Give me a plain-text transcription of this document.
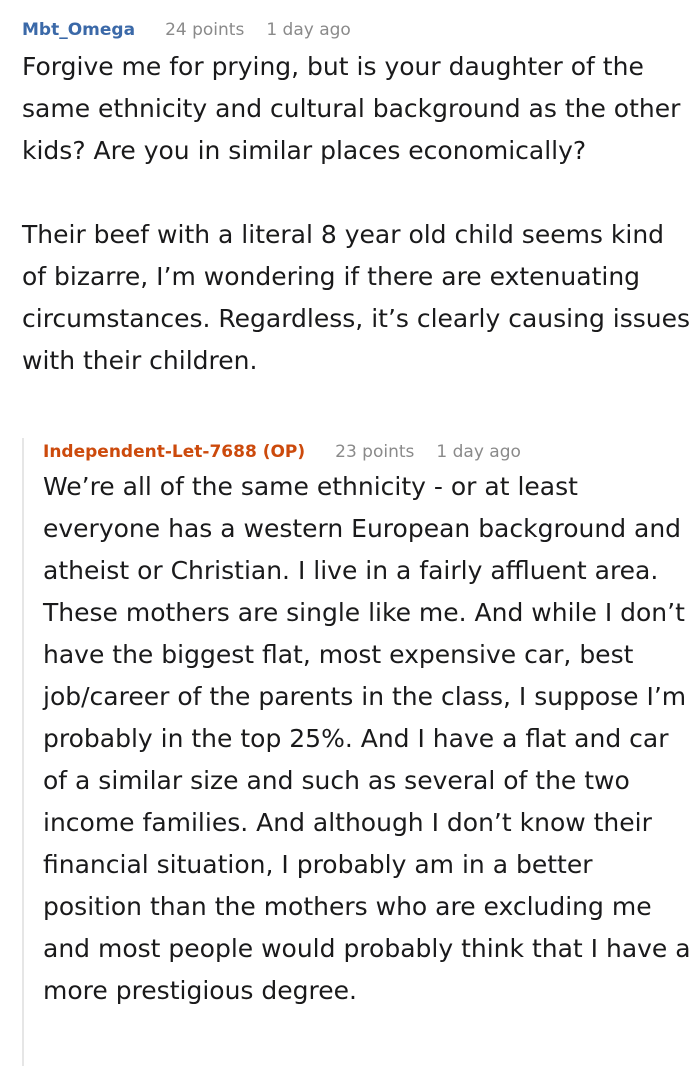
Mbt_Omega 24 points 1 day ago

Forgive me for prying, but is your daughter of the same ethnicity and cultural background as the other kids? Are you in similar places economically?

Their beef with a literal 8 year old child seems kind of bizarre, I’m wondering if there are extenuating circumstances. Regardless, it’s clearly causing issues with their children.

Independent-Let-7688 (OP) 23 points 1 day ago

We’re all of the same ethnicity - or at least everyone has a western European background and atheist or Christian. I live in a fairly affluent area. These mothers are single like me. And while I don’t have the biggest flat, most expensive car, best job/career of the parents in the class, I suppose I’m probably in the top 25%. And I have a flat and car of a similar size and such as several of the two income families. And although I don’t know their financial situation, I probably am in a better position than the mothers who are excluding me and most people would probably think that I have a more prestigious degree.
